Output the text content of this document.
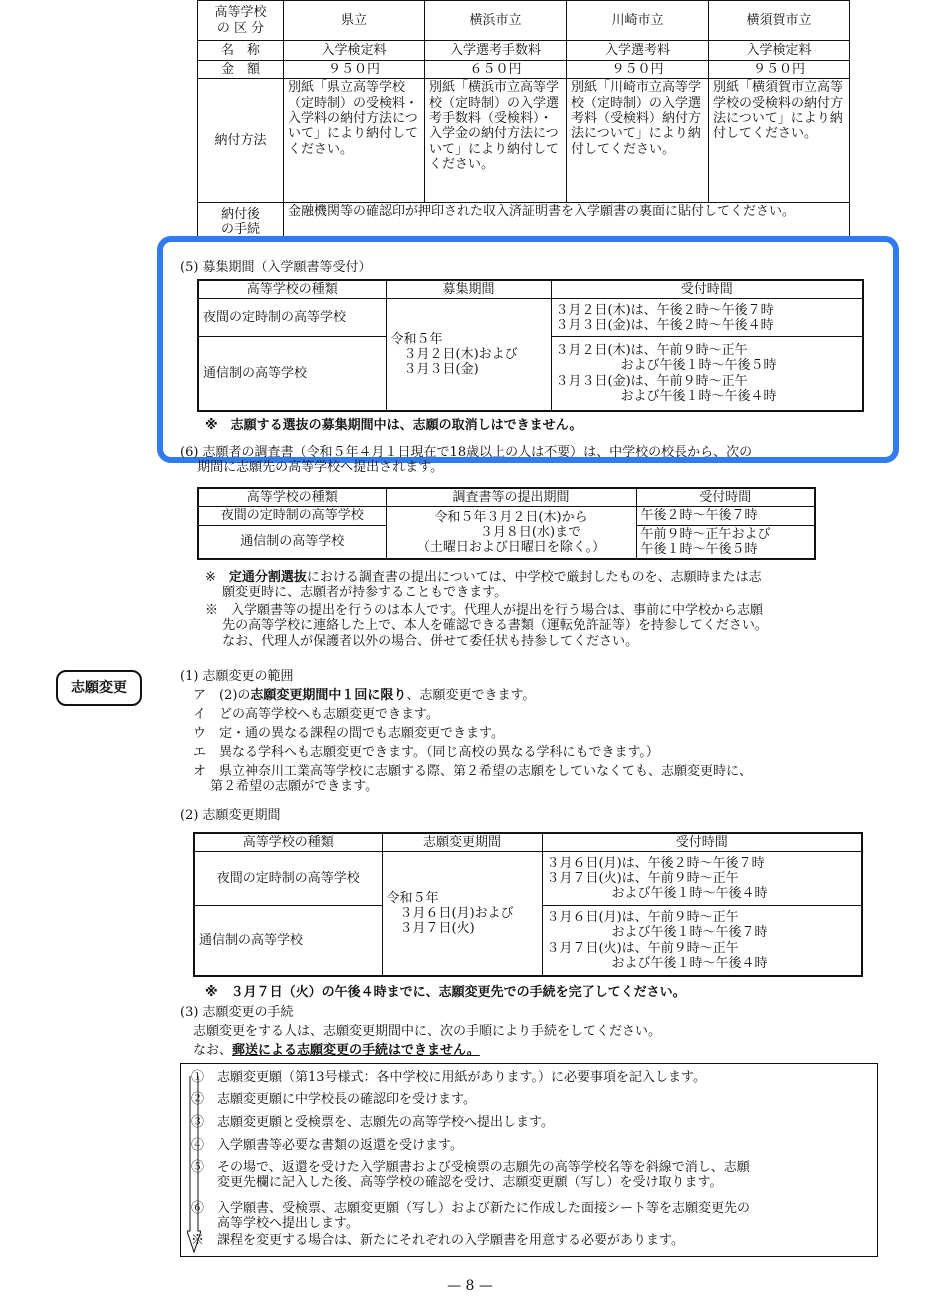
高等学校
の 区 分	県立	横浜市立	川崎市立	横須賀市立
名　称	入学検定料	入学選考手数料	入学選考料	入学検定料
金　額	９５０円	６５０円	９５０円	９５０円
納付方法	別紙「県立高等学校（定時制）の受検料・入学料の納付方法について」により納付してください。	別紙「横浜市立高等学校（定時制）の入学選考手数料（受検料）・入学金の納付方法について」により納付してください。	別紙「川崎市立高等学校（定時制）の入学選考料（受検料）納付方法について」により納付してください。	別紙「横須賀市立高等学校の受検料の納付方法について」により納付してください。
納付後
の手続	金融機関等の確認印が押印された収入済証明書を入学願書の裏面に貼付してください。			
(5) 募集期間（入学願書等受付）
高等学校の種類	募集期間	受付時間
夜間の定時制の高等学校	令和５年
　３月２日(木)および
　３月３日(金)	３月２日(木)は、午後２時～午後７時
３月３日(金)は、午後２時～午後４時
通信制の高等学校		３月２日(木)は、午前９時～正午
　　　　　および午後１時～午後５時
３月３日(金)は、午前９時～正午
　　　　　および午後１時～午後４時
※　志願する選抜の募集期間中は、志願の取消しはできません。
(6) 志願者の調査書（令和５年４月１日現在で18歳以上の人は不要）は、中学校の校長から、次の
　 期間に志願先の高等学校へ提出されます。
高等学校の種類	調査書等の提出期間	受付時間
夜間の定時制の高等学校	令和５年３月２日(木)から
　　　３月８日(水)まで
（土曜日および日曜日を除く。）	午後２時～午後７時
通信制の高等学校		午前９時～正午および
午後１時～午後５時
※　定通分割選抜における調査書の提出については、中学校で厳封したものを、志願時または志
　 願変更時に、志願者が持参することもできます。
※　入学願書等の提出を行うのは本人です。代理人が提出を行う場合は、事前に中学校から志願
　 先の高等学校に連絡した上で、本人を確認できる書類（運転免許証等）を持参してください。
　 なお、代理人が保護者以外の場合、併せて委任状も持参してください。
志願変更
(1) 志願変更の範囲
ア　(2)の志願変更期間中１回に限り、志願変更できます。
イ　どの高等学校へも志願変更できます。
ウ　定・通の異なる課程の間でも志願変更できます。
エ　異なる学科へも志願変更できます。（同じ高校の異なる学科にもできます。）
オ　県立神奈川工業高等学校に志願する際、第２希望の志願をしていなくても、志願変更時に、
　 第２希望の志願ができます。
(2) 志願変更期間
高等学校の種類	志願変更期間	受付時間
夜間の定時制の高等学校	令和５年
　３月６日(月)および
　３月７日(火)	３月６日(月)は、午後２時～午後７時
３月７日(火)は、午前９時～正午
　　　　　および午後１時～午後４時
通信制の高等学校		３月６日(月)は、午前９時～正午
　　　　　および午後１時～午後７時
３月７日(火)は、午前９時～正午
　　　　　および午後１時～午後４時
※　３月７日（火）の午後４時までに、志願変更先での手続を完了してください。
(3) 志願変更の手続
志願変更をする人は、志願変更期間中に、次の手順により手続をしてください。
なお、郵送による志願変更の手続はできません。
①　志願変更願（第13号様式：各中学校に用紙があります。）に必要事項を記入します。
②　志願変更願に中学校長の確認印を受けます。
③　志願変更願と受検票を、志願先の高等学校へ提出します。
④　入学願書等必要な書類の返還を受けます。
⑤　その場で、返還を受けた入学願書および受検票の志願先の高等学校名等を斜線で消し、志願
　　変更先欄に記入した後、高等学校の確認を受け、志願変更願（写し）を受け取ります。
⑥　入学願書、受検票、志願変更願（写し）および新たに作成した面接シート等を志願変更先の
　　高等学校へ提出します。
※　課程を変更する場合は、新たにそれぞれの入学願書を用意する必要があります。
— 8 —
